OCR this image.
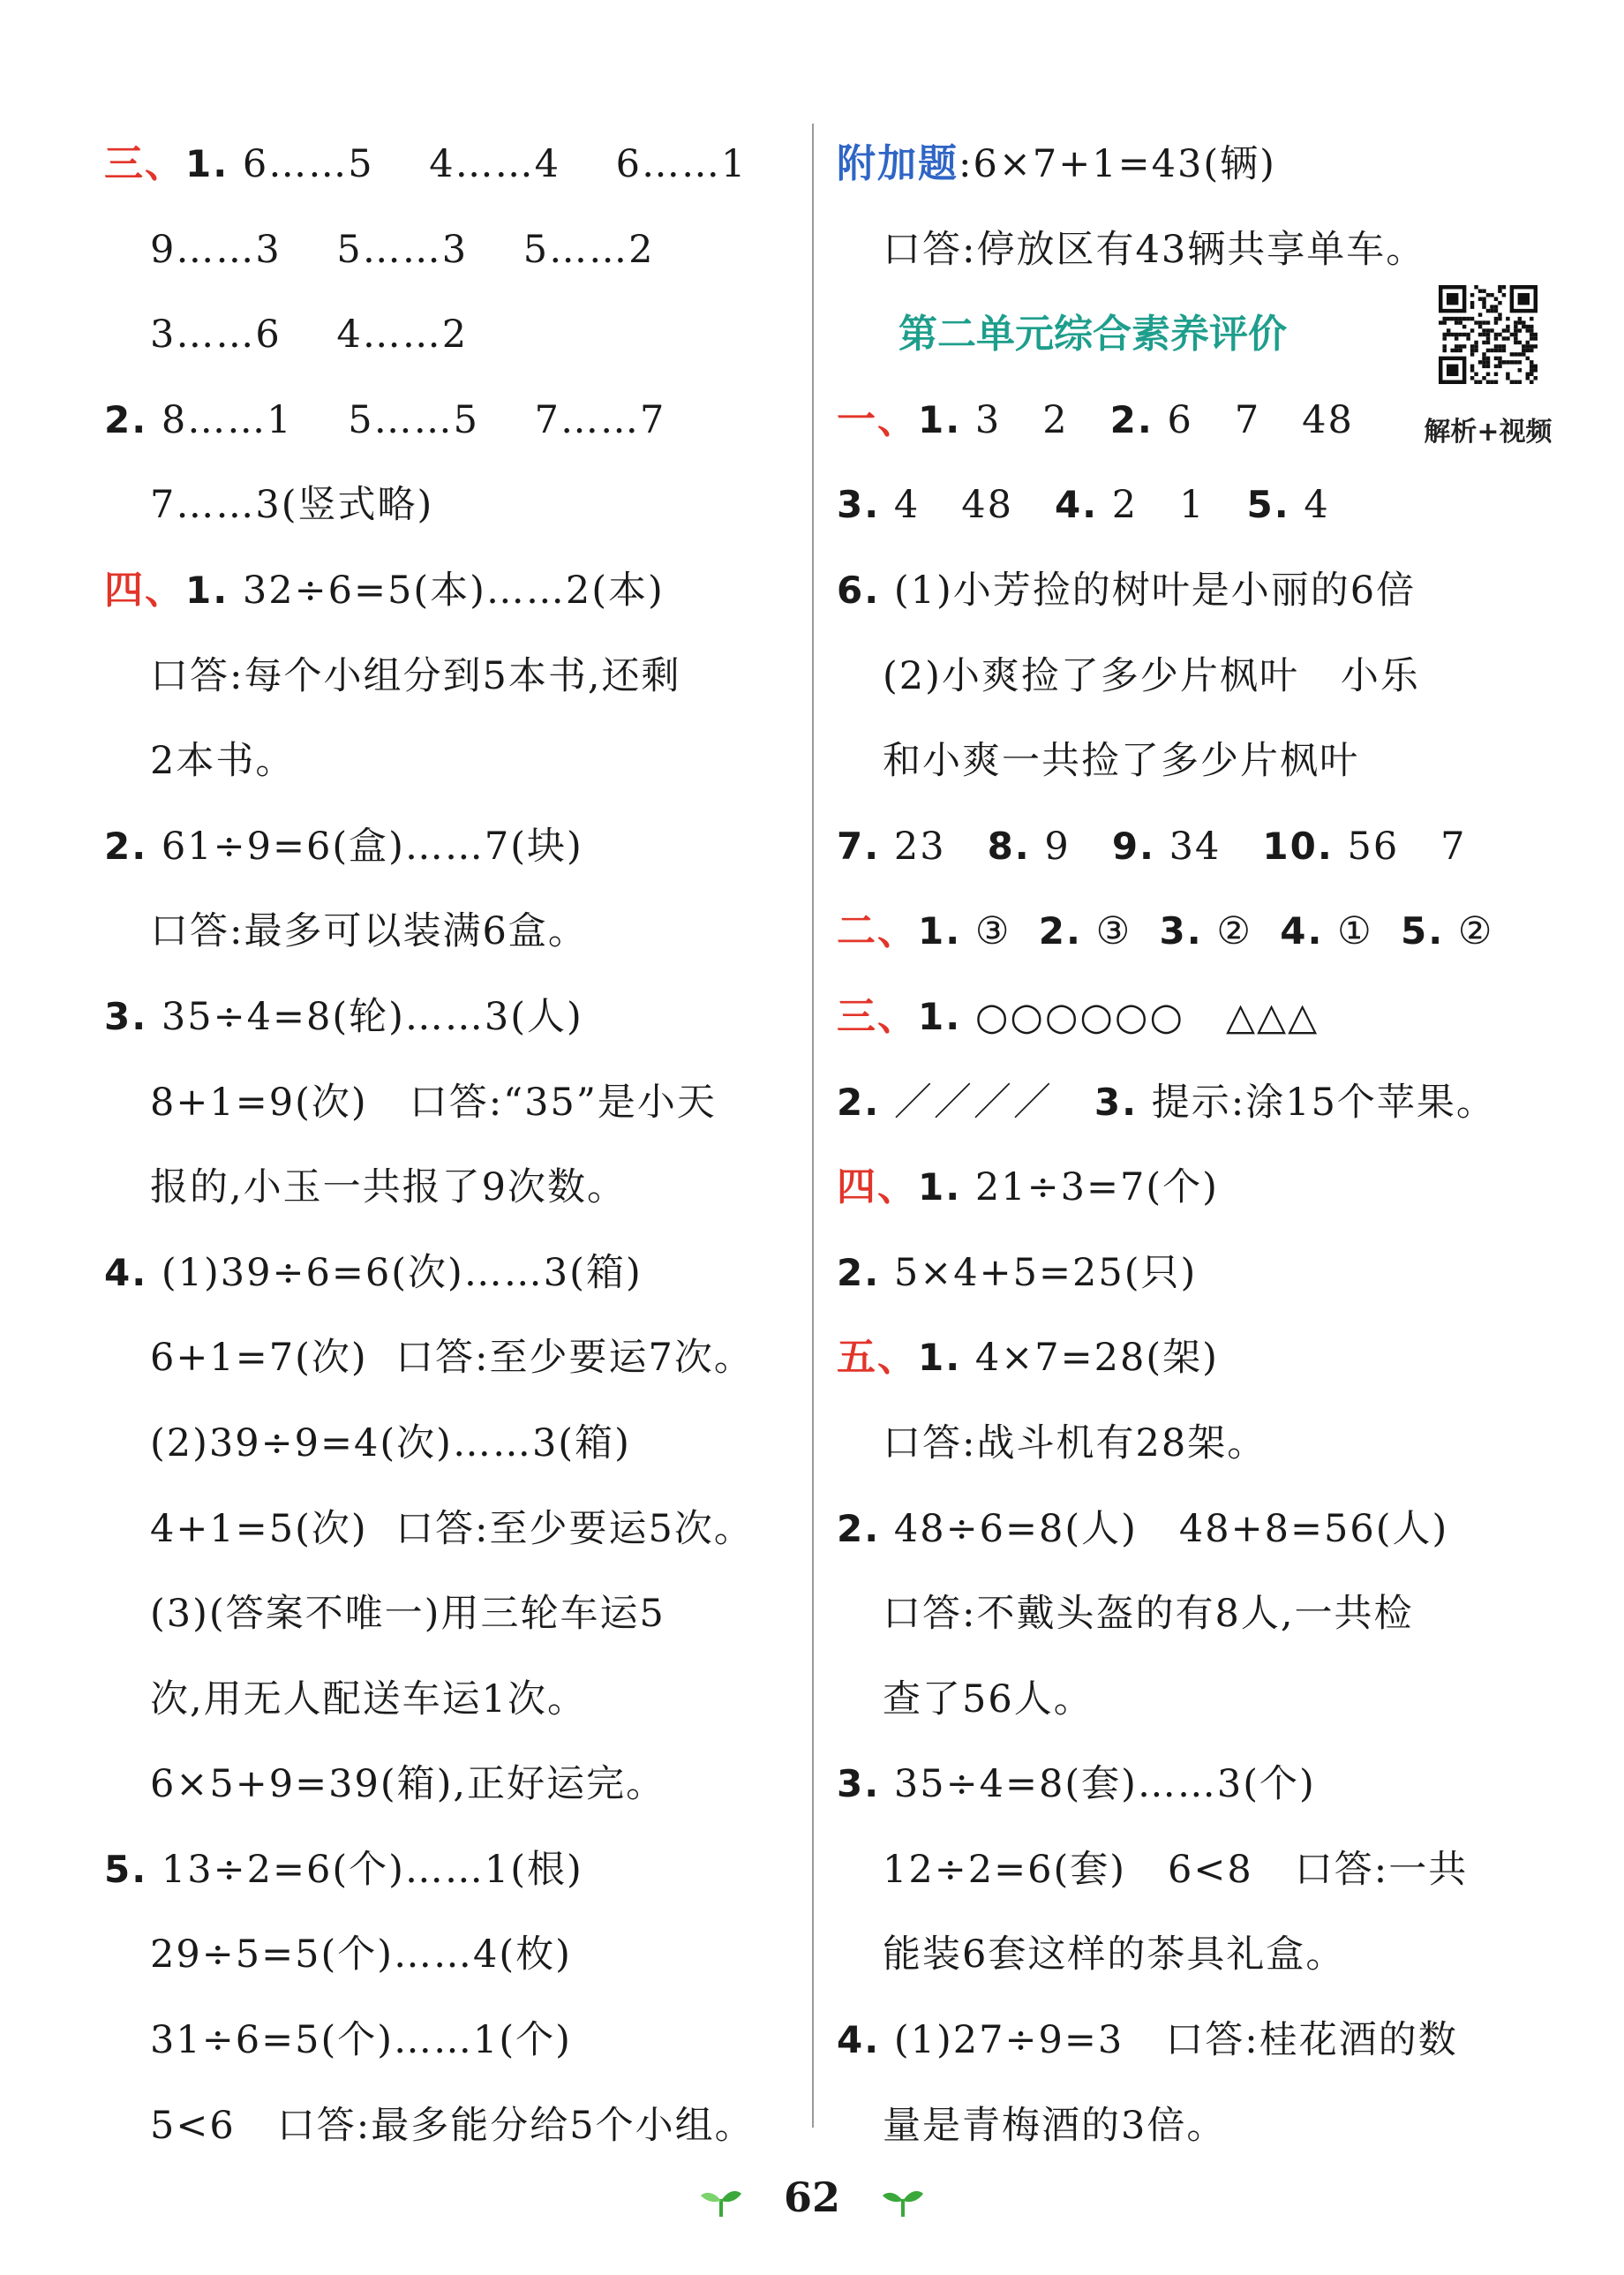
三、1. 6……5    4……4    6……1
9……3    5……3    5……2
3……6    4……2
2. 8……1    5……5    7……7
7……3(竖式略)
四、1. 32÷6=5(本)……2(本)
口答:每个小组分到5本书,还剩
2本书。
2. 61÷9=6(盒)……7(块)
口答:最多可以装满6盒。
3. 35÷4=8(轮)……3(人)
8+1=9(次)   口答:“35”是小天
报的,小玉一共报了9次数。
4. (1)39÷6=6(次)……3(箱)
6+1=7(次)  口答:至少要运7次。
(2)39÷9=4(次)……3(箱)
4+1=5(次)  口答:至少要运5次。
(3)(答案不唯一)用三轮车运5
次,用无人配送车运1次。
6×5+9=39(箱),正好运完。
5. 13÷2=6(个)……1(根)
29÷5=5(个)……4(枚)
31÷6=5(个)……1(个)
5<6   口答:最多能分给5个小组。
附加题:6×7+1=43(辆)
口答:停放区有43辆共享单车。
第二单元综合素养评价
解析+视频
一、1. 3   2   2. 6   7   48
3. 4   48   4. 2   1   5. 4
6. (1)小芳捡的树叶是小丽的6倍
(2)小爽捡了多少片枫叶   小乐
和小爽一共捡了多少片枫叶
7. 23   8. 9   9. 34   10. 56   7
二、1. ③  2. ③  3. ②  4. ①  5. ②
三、1. ○○○○○○   △△△
2. ／／／／   3. 提示:涂15个苹果。
四、1. 21÷3=7(个)
2. 5×4+5=25(只)
五、1. 4×7=28(架)
口答:战斗机有28架。
2. 48÷6=8(人)   48+8=56(人)
口答:不戴头盔的有8人,一共检
查了56人。
3. 35÷4=8(套)……3(个)
12÷2=6(套)   6<8   口答:一共
能装6套这样的茶具礼盒。
4. (1)27÷9=3   口答:桂花酒的数
量是青梅酒的3倍。
62
